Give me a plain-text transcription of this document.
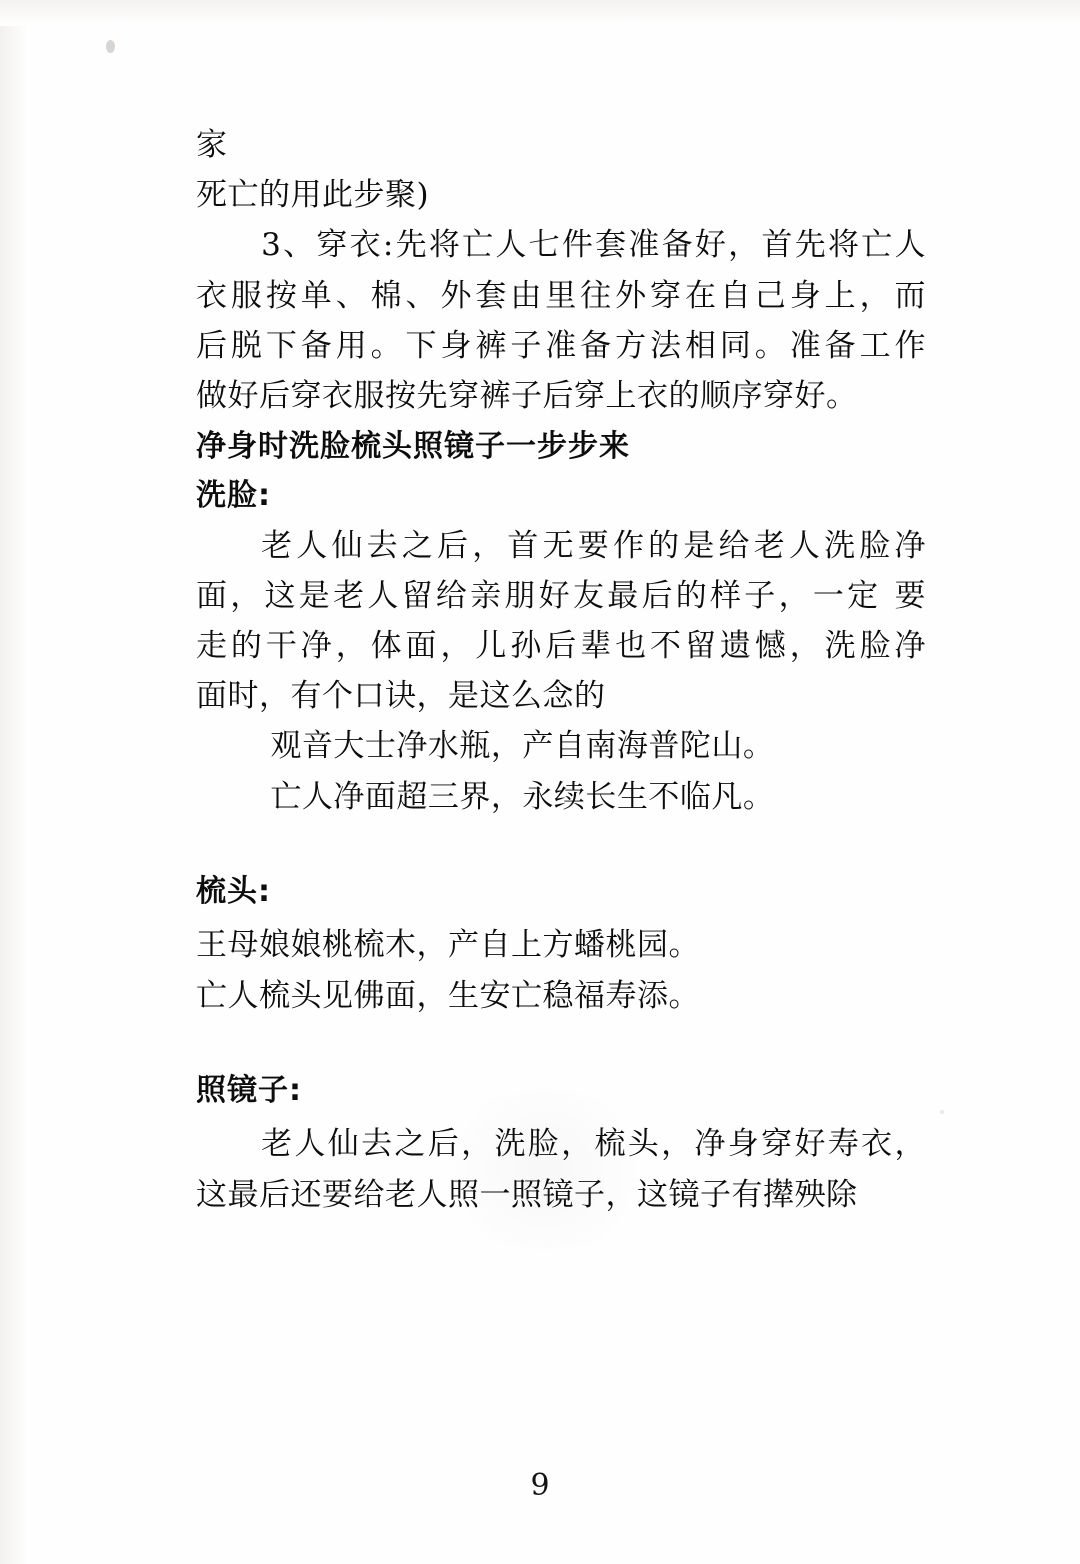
家

死亡的用此步聚)

3、穿衣:先将亡人七件套准备好，首先将亡人

衣服按单、棉、外套由里往外穿在自己身上，而

后脱下备用。下身裤子准备方法相同。准备工作

做好后穿衣服按先穿裤子后穿上衣的顺序穿好。

净身时洗脸梳头照镜子一步步来

洗脸:

老人仙去之后，首无要作的是给老人洗脸净

面，这是老人留给亲朋好友最后的样子，一定 要

走的干净，体面，儿孙后辈也不留遗憾，洗脸净

面时，有个口诀，是这么念的

观音大士净水瓶，产自南海普陀山。

亡人净面超三界，永续长生不临凡。

梳头:

王母娘娘桃梳木，产自上方蟠桃园。

亡人梳头见佛面，生安亡稳福寿添。

照镜子:

老人仙去之后，洗脸，梳头，净身穿好寿衣，

这最后还要给老人照一照镜子，这镜子有撵殃除

9
